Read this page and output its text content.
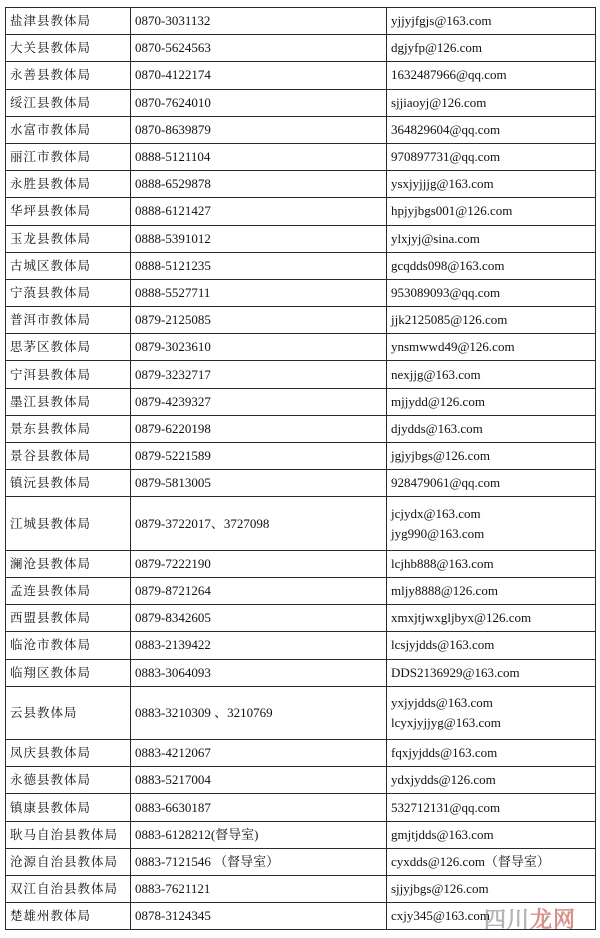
盐津县教体局	0870-3031132	yjjyjfgjs@163.com

大关县教体局	0870-5624563	dgjyfp@126.com

永善县教体局	0870-4122174	1632487966@qq.com

绥江县教体局	0870-7624010	sjjiaoyj@126.com

水富市教体局	0870-8639879	364829604@qq.com

丽江市教体局	0888-5121104	970897731@qq.com

永胜县教体局	0888-6529878	ysxjyjjjg@163.com

华坪县教体局	0888-6121427	hpjyjbgs001@126.com

玉龙县教体局	0888-5391012	ylxjyj@sina.com

古城区教体局	0888-5121235	gcqdds098@163.com

宁蒗县教体局	0888-5527711	953089093@qq.com

普洱市教体局	0879-2125085	jjk2125085@126.com

思茅区教体局	0879-3023610	ynsmwwd49@126.com

宁洱县教体局	0879-3232717	nexjjg@163.com

墨江县教体局	0879-4239327	mjjydd@126.com

景东县教体局	0879-6220198	djydds@163.com

景谷县教体局	0879-5221589	jgjyjbgs@126.com

镇沅县教体局	0879-5813005	928479061@qq.com

江城县教体局	0879-3722017、3727098	jcjydx@163.com
jyg990@163.com

澜沧县教体局	0879-7222190	lcjhb888@163.com

孟连县教体局	0879-8721264	mljy8888@126.com

西盟县教体局	0879-8342605	xmxjtjwxgljbyx@126.com

临沧市教体局	0883-2139422	lcsjyjdds@163.com

临翔区教体局	0883-3064093	DDS2136929@163.com

云县教体局	0883-3210309 、3210769	yxjyjdds@163.com
lcyxjyjjyg@163.com

凤庆县教体局	0883-4212067	fqxjyjdds@163.com

永德县教体局	0883-5217004	ydxjydds@126.com

镇康县教体局	0883-6630187	532712131@qq.com

耿马自治县教体局	0883-6128212(督导室)	gmjtjdds@163.com

沧源自治县教体局	0883-7121546 （督导室）	cyxdds@126.com（督导室）

双江自治县教体局	0883-7621121	sjjyjbgs@126.com

楚雄州教体局	0878-3124345	cxjy345@163.com
四川龙网
